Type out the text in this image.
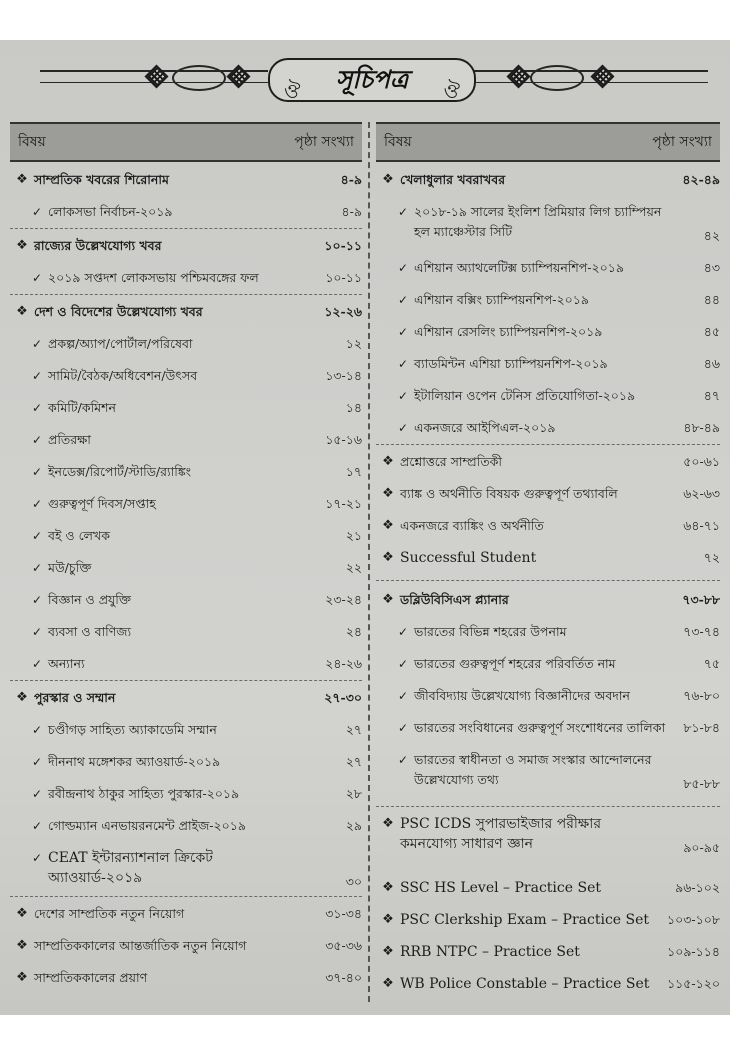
ঔ সূচিপত্র ঔ
বিষয়	পৃষ্ঠা সংখ্যা
❖ সাম্প্রতিক খবরের শিরোনাম	৪-৯
✓ লোকসভা নির্বাচন-২০১৯	৪-৯
❖ রাজ্যের উল্লেখযোগ্য খবর	১০-১১
✓ ২০১৯ সপ্তদশ লোকসভায় পশ্চিমবঙ্গের ফল	১০-১১
❖ দেশ ও বিদেশের উল্লেখযোগ্য খবর	১২-২৬
✓ প্রকল্প/অ্যাপ/পোর্টাল/পরিষেবা	১২
✓ সামিট/বৈঠক/অধিবেশন/উৎসব	১৩-১৪
✓ কমিটি/কমিশন	১৪
✓ প্রতিরক্ষা	১৫-১৬
✓ ইনডেক্স/রিপোর্ট/স্টাডি/র‍্যাঙ্কিং	১৭
✓ গুরুত্বপূর্ণ দিবস/সপ্তাহ	১৭-২১
✓ বই ও লেখক	২১
✓ মউ/চুক্তি	২২
✓ বিজ্ঞান ও প্রযুক্তি	২৩-২৪
✓ ব্যবসা ও বাণিজ্য	২৪
✓ অন্যান্য	২৪-২৬
❖ পুরস্কার ও সম্মান	২৭-৩০
✓ চণ্ডীগড় সাহিত্য অ্যাকাডেমি সম্মান	২৭
✓ দীননাথ মঙ্গেশকর অ্যাওয়ার্ড-২০১৯	২৭
✓ রবীন্দ্রনাথ ঠাকুর সাহিত্য পুরস্কার-২০১৯	২৮
✓ গোল্ডম্যান এনভায়রনমেন্ট প্রাইজ-২০১৯	২৯
✓ CEAT ইন্টারন্যাশনাল ক্রিকেট অ্যাওয়ার্ড-২০১৯	৩০
❖ দেশের সাম্প্রতিক নতুন নিয়োগ	৩১-৩৪
❖ সাম্প্রতিককালের আন্তর্জাতিক নতুন নিয়োগ	৩৫-৩৬
❖ সাম্প্রতিককালের প্রয়াণ	৩৭-৪০
বিষয়	পৃষ্ঠা সংখ্যা
❖ খেলাধুলার খবরাখবর	৪২-৪৯
✓ ২০১৮-১৯ সালের ইংলিশ প্রিমিয়ার লিগ চ্যাম্পিয়ন হল ম্যাঞ্চেস্টার সিটি	৪২
✓ এশিয়ান অ্যাথলেটিক্স চ্যাম্পিয়নশিপ-২০১৯	৪৩
✓ এশিয়ান বক্সিং চ্যাম্পিয়নশিপ-২০১৯	৪৪
✓ এশিয়ান রেসলিং চ্যাম্পিয়নশিপ-২০১৯	৪৫
✓ ব্যাডমিন্টন এশিয়া চ্যাম্পিয়নশিপ-২০১৯	৪৬
✓ ইটালিয়ান ওপেন টেনিস প্রতিযোগিতা-২০১৯	৪৭
✓ একনজরে আইপিএল-২০১৯	৪৮-৪৯
❖ প্রশ্নোত্তরে সাম্প্রতিকী	৫০-৬১
❖ ব্যাঙ্ক ও অর্থনীতি বিষয়ক গুরুত্বপূর্ণ তথ্যাবলি	৬২-৬৩
❖ একনজরে ব্যাঙ্কিং ও অর্থনীতি	৬৪-৭১
❖ Successful Student	৭২
❖ ডব্লিউবিসিএস প্ল্যানার	৭৩-৮৮
✓ ভারতের বিভিন্ন শহরের উপনাম	৭৩-৭৪
✓ ভারতের গুরুত্বপূর্ণ শহরের পরিবর্তিত নাম	৭৫
✓ জীববিদ্যায় উল্লেখযোগ্য বিজ্ঞানীদের অবদান	৭৬-৮০
✓ ভারতের সংবিধানের গুরুত্বপূর্ণ সংশোধনের তালিকা	৮১-৮৪
✓ ভারতের স্বাধীনতা ও সমাজ সংস্কার আন্দোলনের উল্লেখযোগ্য তথ্য	৮৫-৮৮
❖ PSC ICDS সুপারভাইজার পরীক্ষার কমনযোগ্য সাধারণ জ্ঞান	৯০-৯৫
❖ SSC HS Level – Practice Set	৯৬-১০২
❖ PSC Clerkship Exam – Practice Set	১০৩-১০৮
❖ RRB NTPC – Practice Set	১০৯-১১৪
❖ WB Police Constable – Practice Set	১১৫-১২০
